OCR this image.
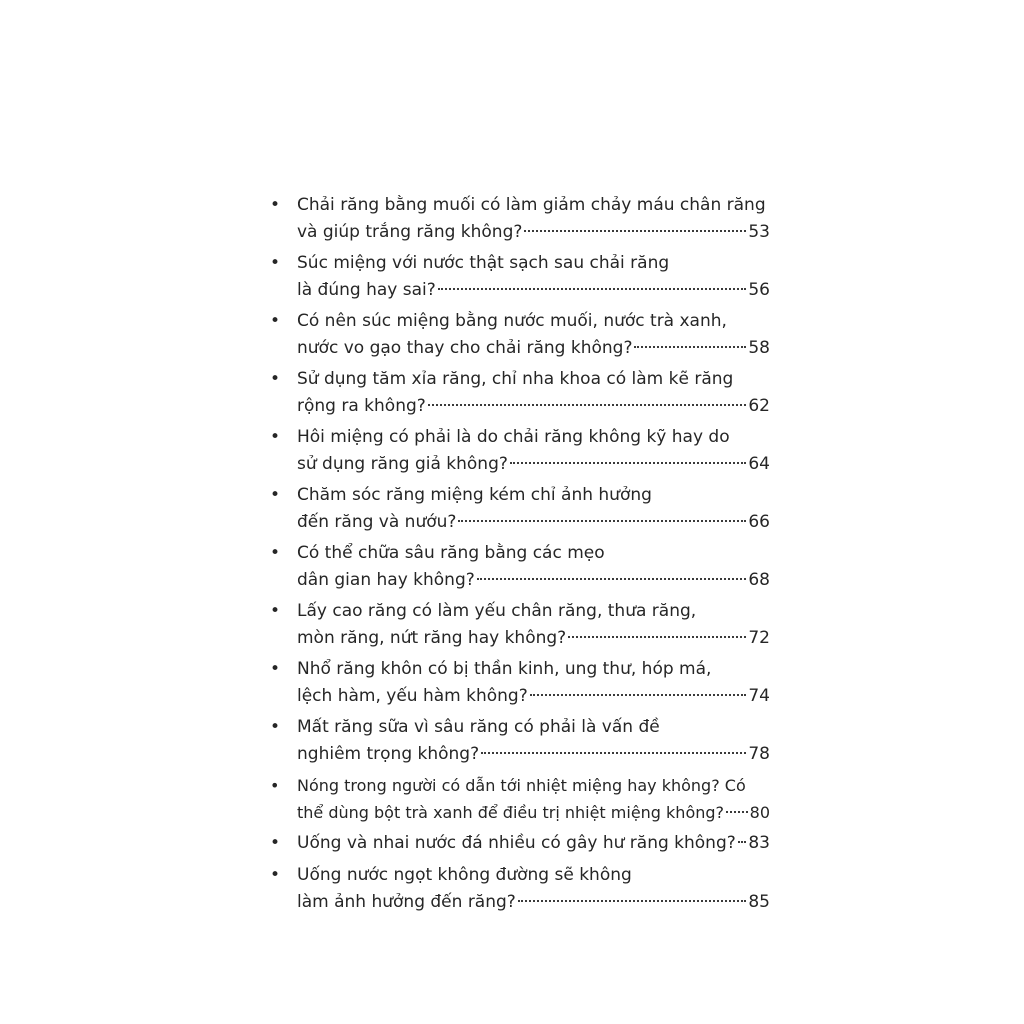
• Chải răng bằng muối có làm giảm chảy máu chân răng
và giúp trắng răng không?	53
• Súc miệng với nước thật sạch sau chải răng
là đúng hay sai?	56
• Có nên súc miệng bằng nước muối, nước trà xanh,
nước vo gạo thay cho chải răng không?	58
• Sử dụng tăm xỉa răng, chỉ nha khoa có làm kẽ răng
rộng ra không?	62
• Hôi miệng có phải là do chải răng không kỹ hay do
sử dụng răng giả không?	64
• Chăm sóc răng miệng kém chỉ ảnh hưởng
đến răng và nướu?	66
• Có thể chữa sâu răng bằng các mẹo
dân gian hay không?	68
• Lấy cao răng có làm yếu chân răng, thưa răng,
mòn răng, nứt răng hay không?	72
• Nhổ răng khôn có bị thần kinh, ung thư, hóp má,
lệch hàm, yếu hàm không?	74
• Mất răng sữa vì sâu răng có phải là vấn đề
nghiêm trọng không?	78
• Nóng trong người có dẫn tới nhiệt miệng hay không? Có
thể dùng bột trà xanh để điều trị nhiệt miệng không? 80
• Uống và nhai nước đá nhiều có gây hư răng không? 83
• Uống nước ngọt không đường sẽ không
làm ảnh hưởng đến răng?	85
